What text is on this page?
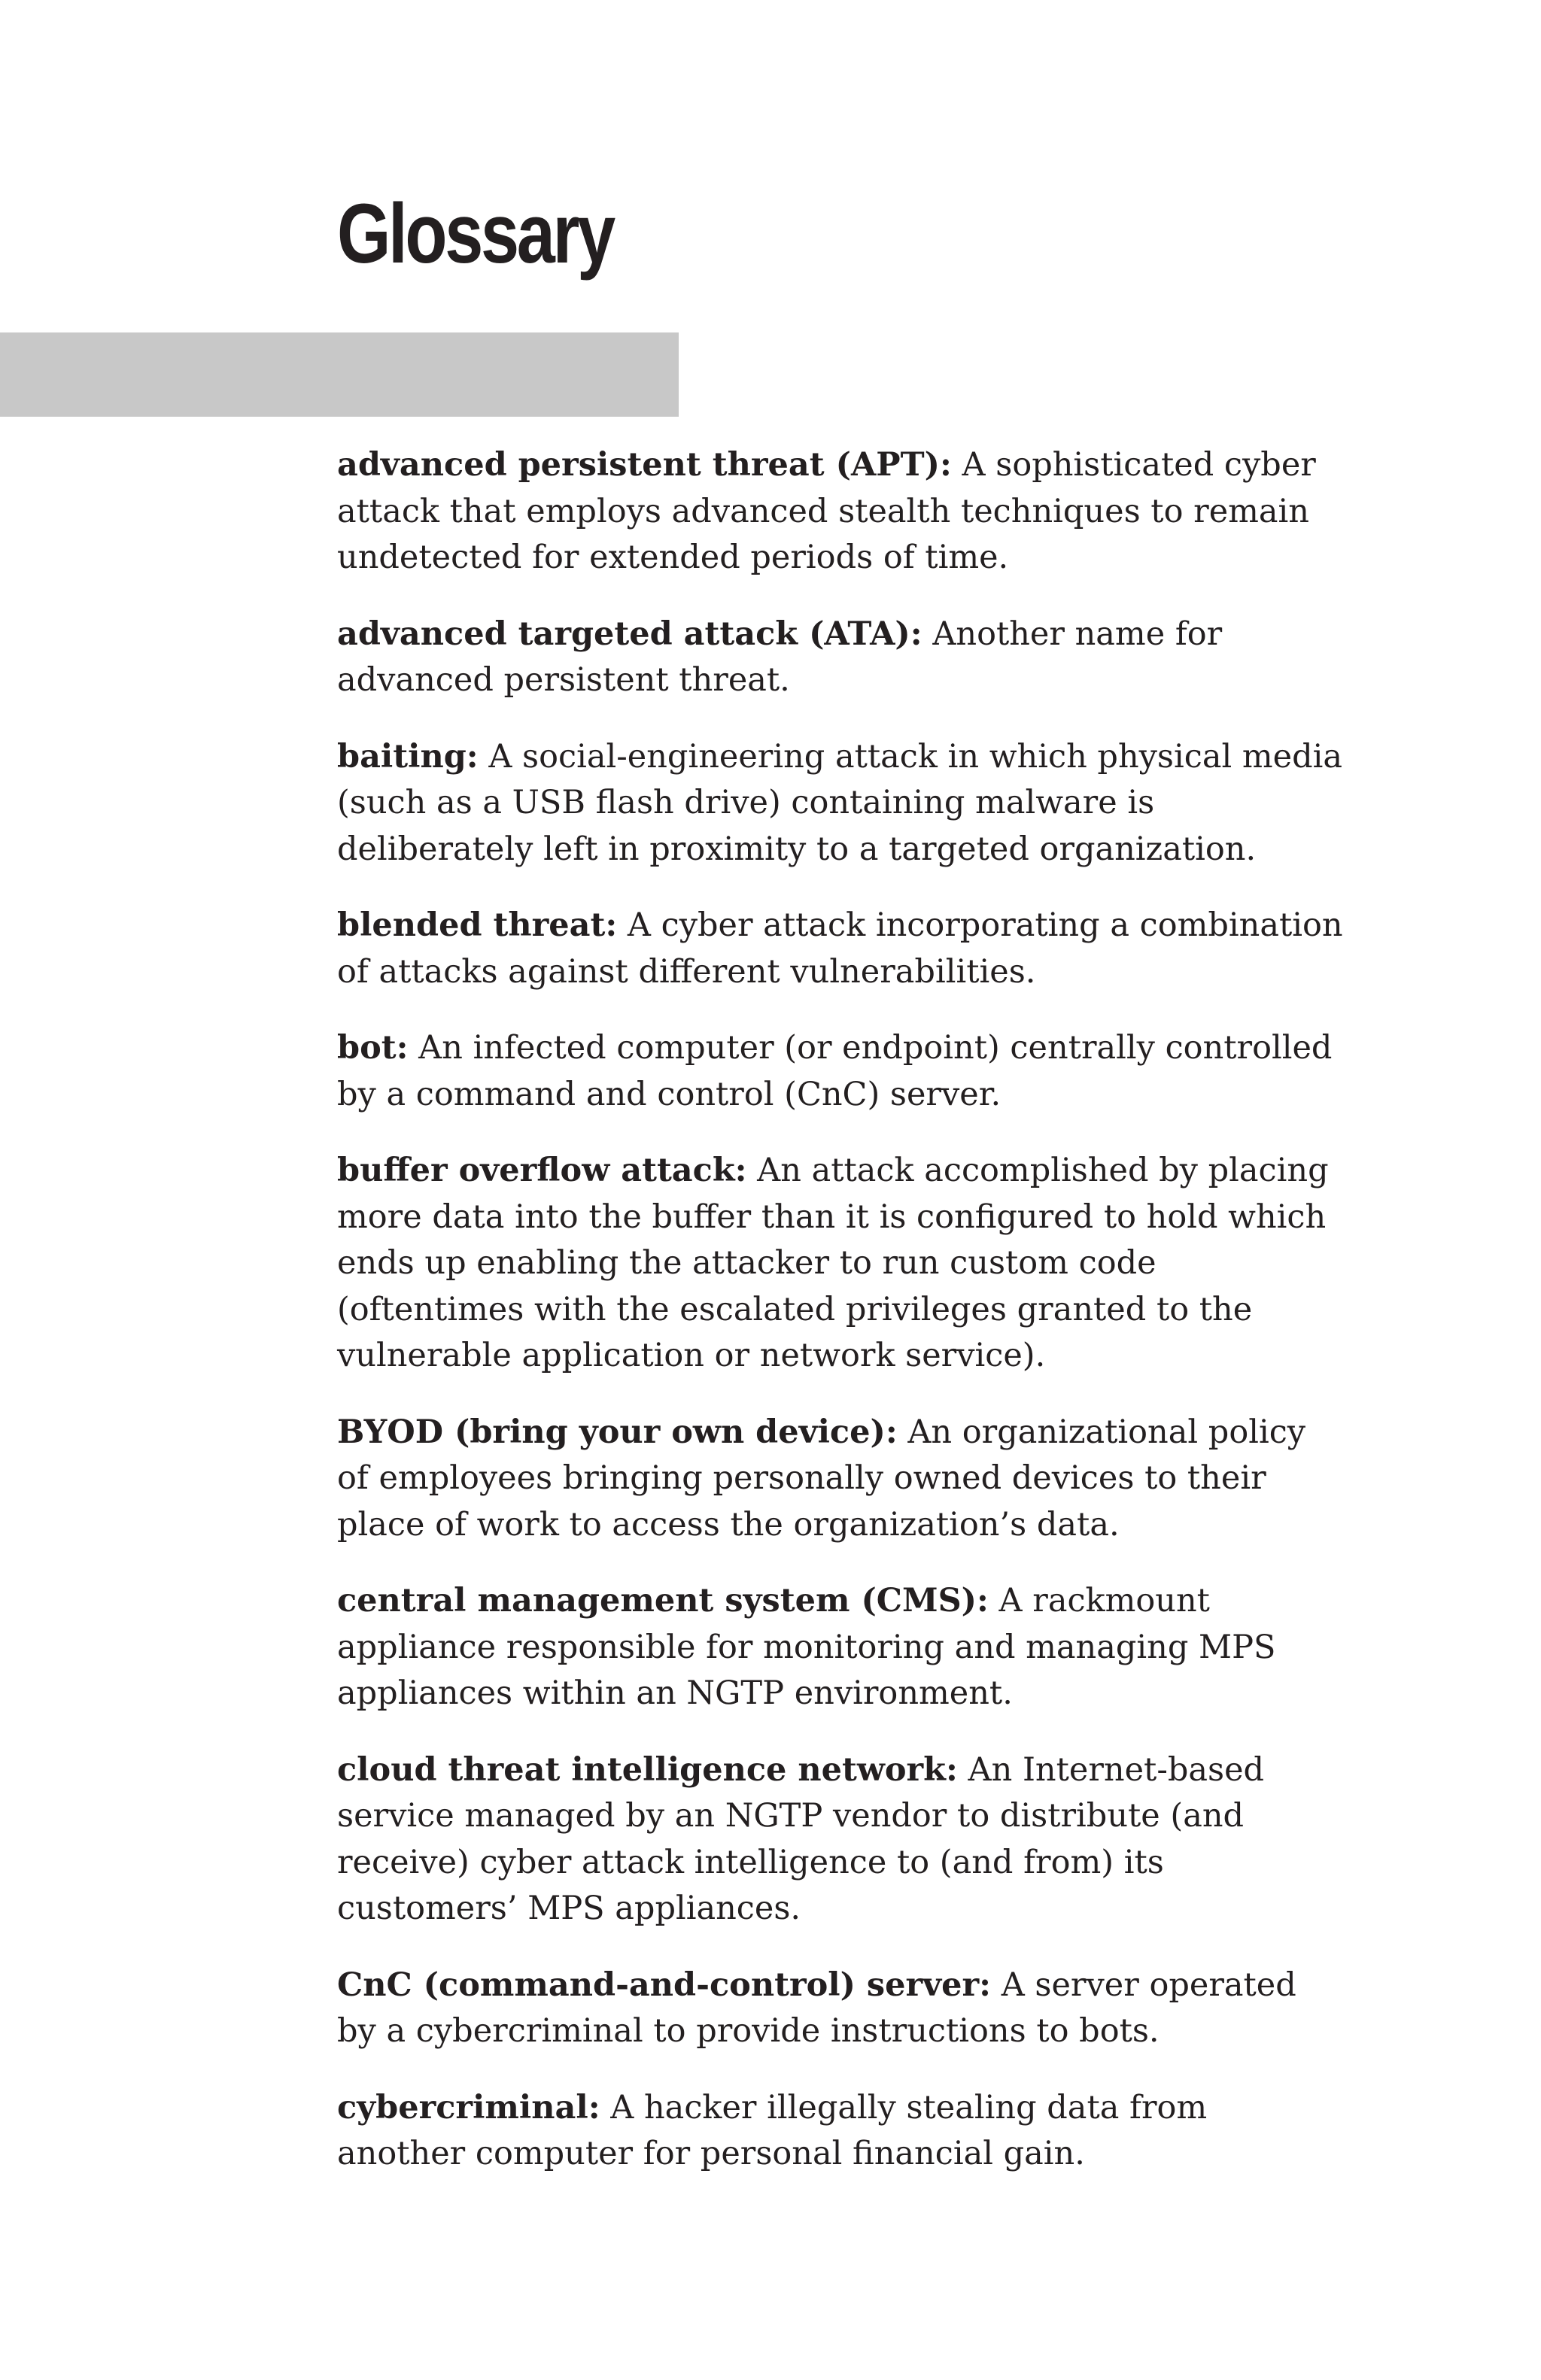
Glossary

advanced persistent threat (APT): A sophisticated cyber attack that employs advanced stealth techniques to remain undetected for extended periods of time.

advanced targeted attack (ATA): Another name for advanced persistent threat.

baiting: A social-engineering attack in which physical media (such as a USB flash drive) containing malware is deliberately left in proximity to a targeted organization.

blended threat: A cyber attack incorporating a combination of attacks against different vulnerabilities.

bot: An infected computer (or endpoint) centrally controlled by a command and control (CnC) server.

buffer overflow attack: An attack accomplished by placing more data into the buffer than it is configured to hold which ends up enabling the attacker to run custom code (oftentimes with the escalated privileges granted to the vulnerable application or network service).

BYOD (bring your own device): An organizational policy of employees bringing personally owned devices to their place of work to access the organization’s data.

central management system (CMS): A rackmount appliance responsible for monitoring and managing MPS appliances within an NGTP environment.

cloud threat intelligence network: An Internet-based service managed by an NGTP vendor to distribute (and receive) cyber attack intelligence to (and from) its customers’ MPS appliances.

CnC (command-and-control) server: A server operated by a cybercriminal to provide instructions to bots.

cybercriminal: A hacker illegally stealing data from another computer for personal financial gain.
